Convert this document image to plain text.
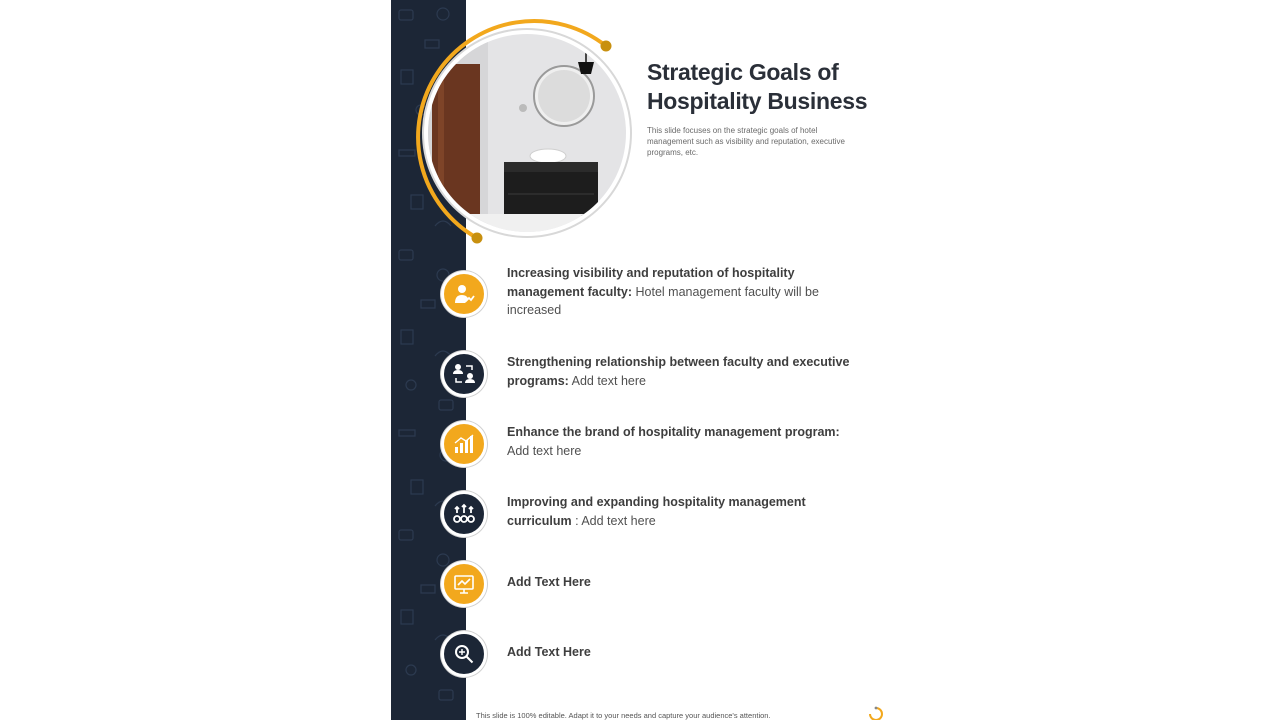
Strategic Goals of
Hospitality Business

This slide focuses on the strategic goals of hotel management such as visibility and reputation, executive programs, etc.

Increasing visibility and reputation of hospitality management faculty: Hotel management faculty will be increased

Strengthening relationship between faculty and executive programs: Add text here

Enhance the brand of hospitality management program: Add text here

Improving and expanding hospitality management curriculum : Add text here

Add Text Here

Add Text Here

This slide is 100% editable. Adapt it to your needs and capture your audience's attention.
